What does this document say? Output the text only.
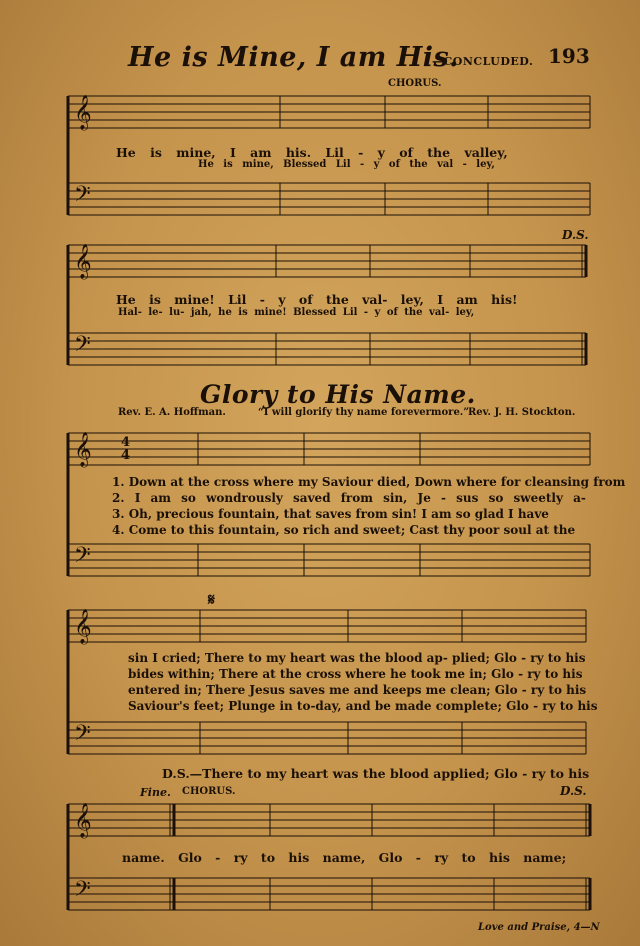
He is Mine, I am His.
—CONCLUDED. 193
CHORUS.
𝄞
He is mine, I am his. Lil - y of the valley,
He is mine, Blessed Lil - y of the val - ley,
𝄢
𝄞
D.S.
He is mine! Lil - y of the val- ley, I am his!
Hal- le- lu- jah, he is mine! Blessed Lil - y of the val- ley,
𝄢
Glory to His Name.
Rev. E. A. Hoffman.	“I will glorify thy name forevermore.”
Rev. J. H. Stockton.
𝄞 4
4
1. Down at the cross where my Saviour died, Down where for cleansing from
2. I am so wondrously saved from sin, Je - sus so sweetly a-
3. Oh, precious fountain, that saves from sin! I am so glad I have
4. Come to this fountain, so rich and sweet; Cast thy poor soul at the
𝄢
𝄋
𝄞
sin I cried; There to my heart was the blood ap- plied; Glo - ry to his
bides within; There at the cross where he took me in; Glo - ry to his
entered in; There Jesus saves me and keeps me clean; Glo - ry to his
Saviour's feet; Plunge in to-day, and be made complete; Glo - ry to his
𝄢
D.S.—There to my heart was the blood applied; Glo - ry to his
Fine. CHORUS.	D.S.
𝄞
name. Glo - ry to his name, Glo - ry to his name;
𝄢
Love and Praise, 4—N
